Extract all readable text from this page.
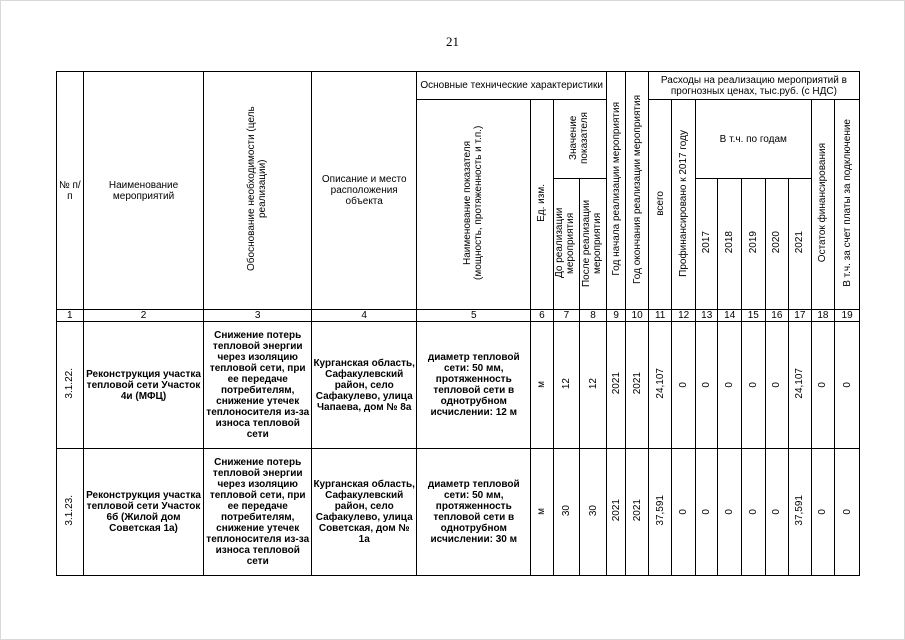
21
№ п/п	Наименование мероприятий	Обоснование необходимости (цель реализации)	Описание и место расположения объекта	Основные технические характеристики				Год начала реализации мероприятия	Год окончания реализации мероприятия	Расходы на реализацию мероприятий в прогнозных ценах, тыс.руб. (с НДС)								
				Наименование показателя (мощность, протяженность и т.п.)	Ед. изм.	Значение показателя				всего	Профинансировано к 2017 году	В т.ч. по годам					Остаток финансирования	В т.ч. за счет платы за подключение
						До реализации мероприятия	После реализации мероприятия					2017	2018	2019	2020	2021		
1	2	3	4	5	6	7	8	9	10	11	12	13	14	15	16	17	18	19
3.1.22.	Реконструкция участка тепловой сети Участок 4и (МФЦ)	Снижение потерь тепловой энергии через изоляцию тепловой сети, при ее передаче потребителям, снижение утечек теплоносителя из-за износа тепловой сети	Курганская область, Сафакулевский район, село Сафакулево, улица Чапаева, дом № 8а	диаметр тепловой сети: 50 мм, протяженность тепловой сети в однотрубном исчислении: 12 м	м	12	12	2021	2021	24,107	0	0	0	0	0	24,107	0	0
3.1.23.	Реконструкция участка тепловой сети Участок 6б (Жилой дом Советская 1а)	Снижение потерь тепловой энергии через изоляцию тепловой сети, при ее передаче потребителям, снижение утечек теплоносителя из-за износа тепловой сети	Курганская область, Сафакулевский район, село Сафакулево, улица Советская, дом № 1а	диаметр тепловой сети: 50 мм, протяженность тепловой сети в однотрубном исчислении: 30 м	м	30	30	2021	2021	37,591	0	0	0	0	0	37,591	0	0
